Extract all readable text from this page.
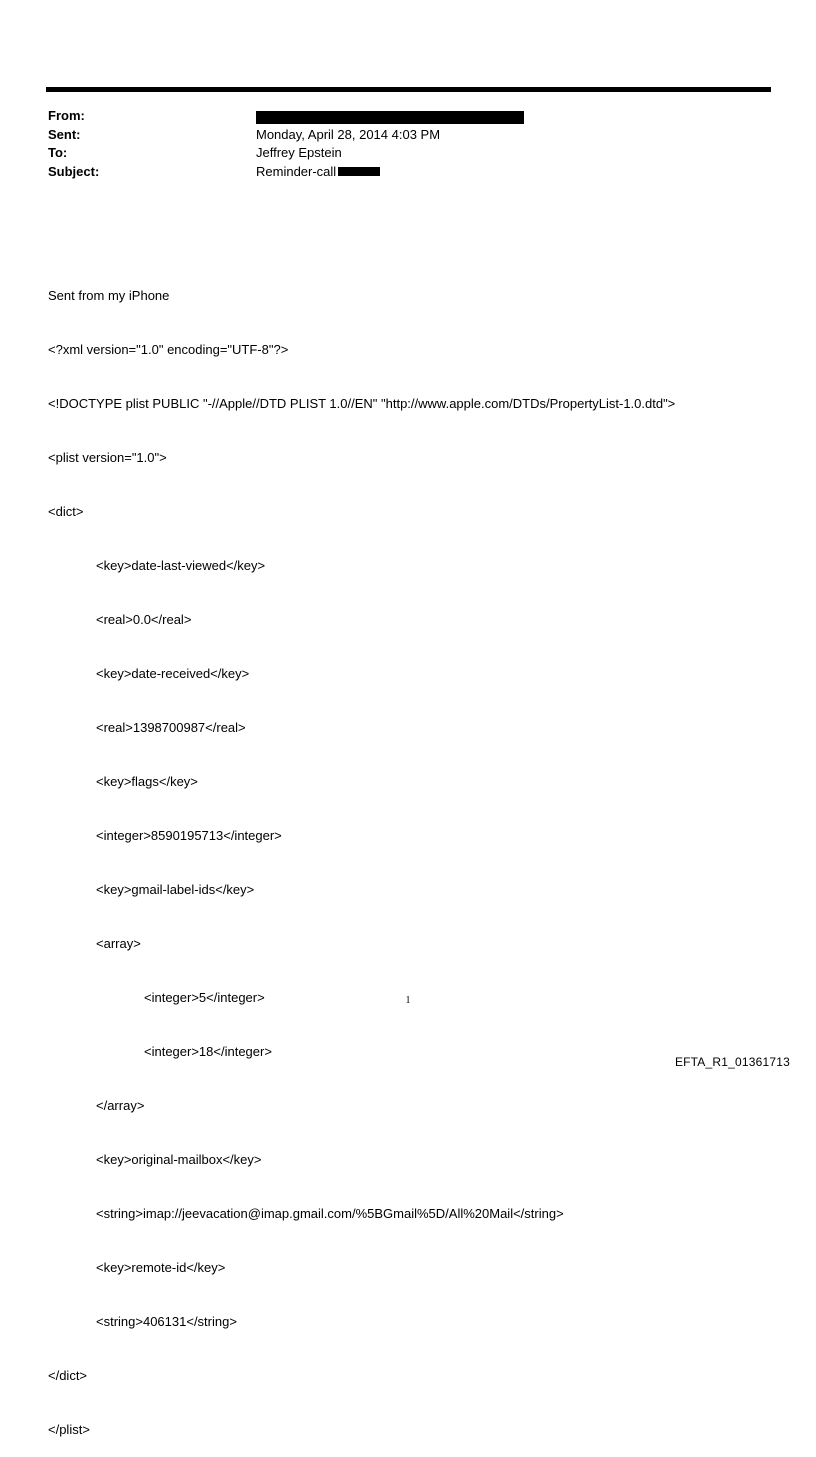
From:
Sent:	Monday, April 28, 2014 4:03 PM
To:	Jeffrey Epstein
Subject:	Reminder-call

Sent from my iPhone

<?xml version="1.0" encoding="UTF-8"?>

<!DOCTYPE plist PUBLIC "-//Apple//DTD PLIST 1.0//EN" "http://www.apple.com/DTDs/PropertyList-1.0.dtd">

<plist version="1.0">

<dict>

<key>date-last-viewed</key>

<real>0.0</real>

<key>date-received</key>

<real>1398700987</real>

<key>flags</key>

<integer>8590195713</integer>

<key>gmail-label-ids</key>

<array>

<integer>5</integer>

<integer>18</integer>

</array>

<key>original-mailbox</key>

<string>imap://jeevacation@imap.gmail.com/%5BGmail%5D/All%20Mail</string>

<key>remote-id</key>

<string>406131</string>

</dict>

</plist>

1
EFTA_R1_01361713
